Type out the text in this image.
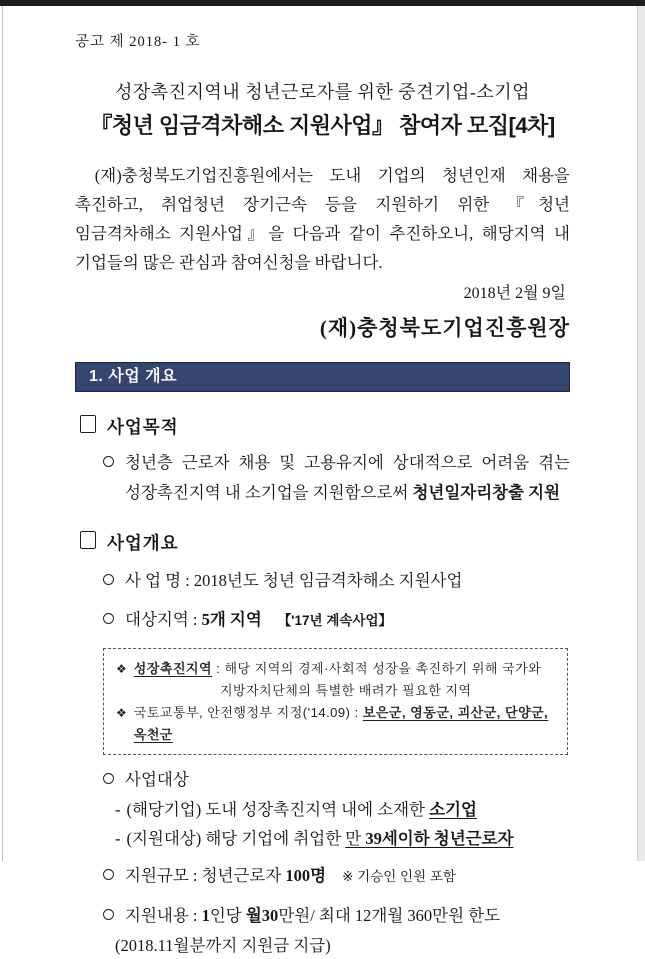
공고 제 2018- 1 호
성장촉진지역내 청년근로자를 위한 중견기업-소기업
『청년 임금격차해소 지원사업』 참여자 모집[4차]

(재)충청북도기업진흥원에서는 도내 기업의 청년인재 채용을 촉진하고, 취업청년 장기근속 등을 지원하기 위한 『청년 임금격차해소 지원사업』을 다음과 같이 추진하오니, 해당지역 내 기업들의 많은 관심과 참여신청을 바랍니다.

2018년 2월 9일
(재)충청북도기업진흥원장
1. 사업 개요
사업목적
청년층 근로자 채용 및 고용유지에 상대적으로 어려움 겪는 성장촉진지역 내 소기업을 지원함으로써 청년일자리창출 지원
사업개요
사 업 명 : 2018년도 청년 임금격차해소 지원사업
대상지역 : 5개 지역 【'17년 계속사업】
❖ 성장촉진지역 : 해당 지역의 경제·사회적 성장을 촉진하기 위해 국가와
지방자치단체의 특별한 배려가 필요한 지역
❖ 국토교통부, 안전행정부 지정('14.09) : 보은군, 영동군, 괴산군, 단양군, 옥천군
사업대상
- (해당기업) 도내 성장촉진지역 내에 소재한 소기업
- (지원대상) 해당 기업에 취업한 만 39세이하 청년근로자
지원규모 : 청년근로자 100명 ※ 기승인 인원 포함
지원내용 : 1인당 월30만원/ 최대 12개월 360만원 한도
(2018.11월분까지 지원금 지급)
